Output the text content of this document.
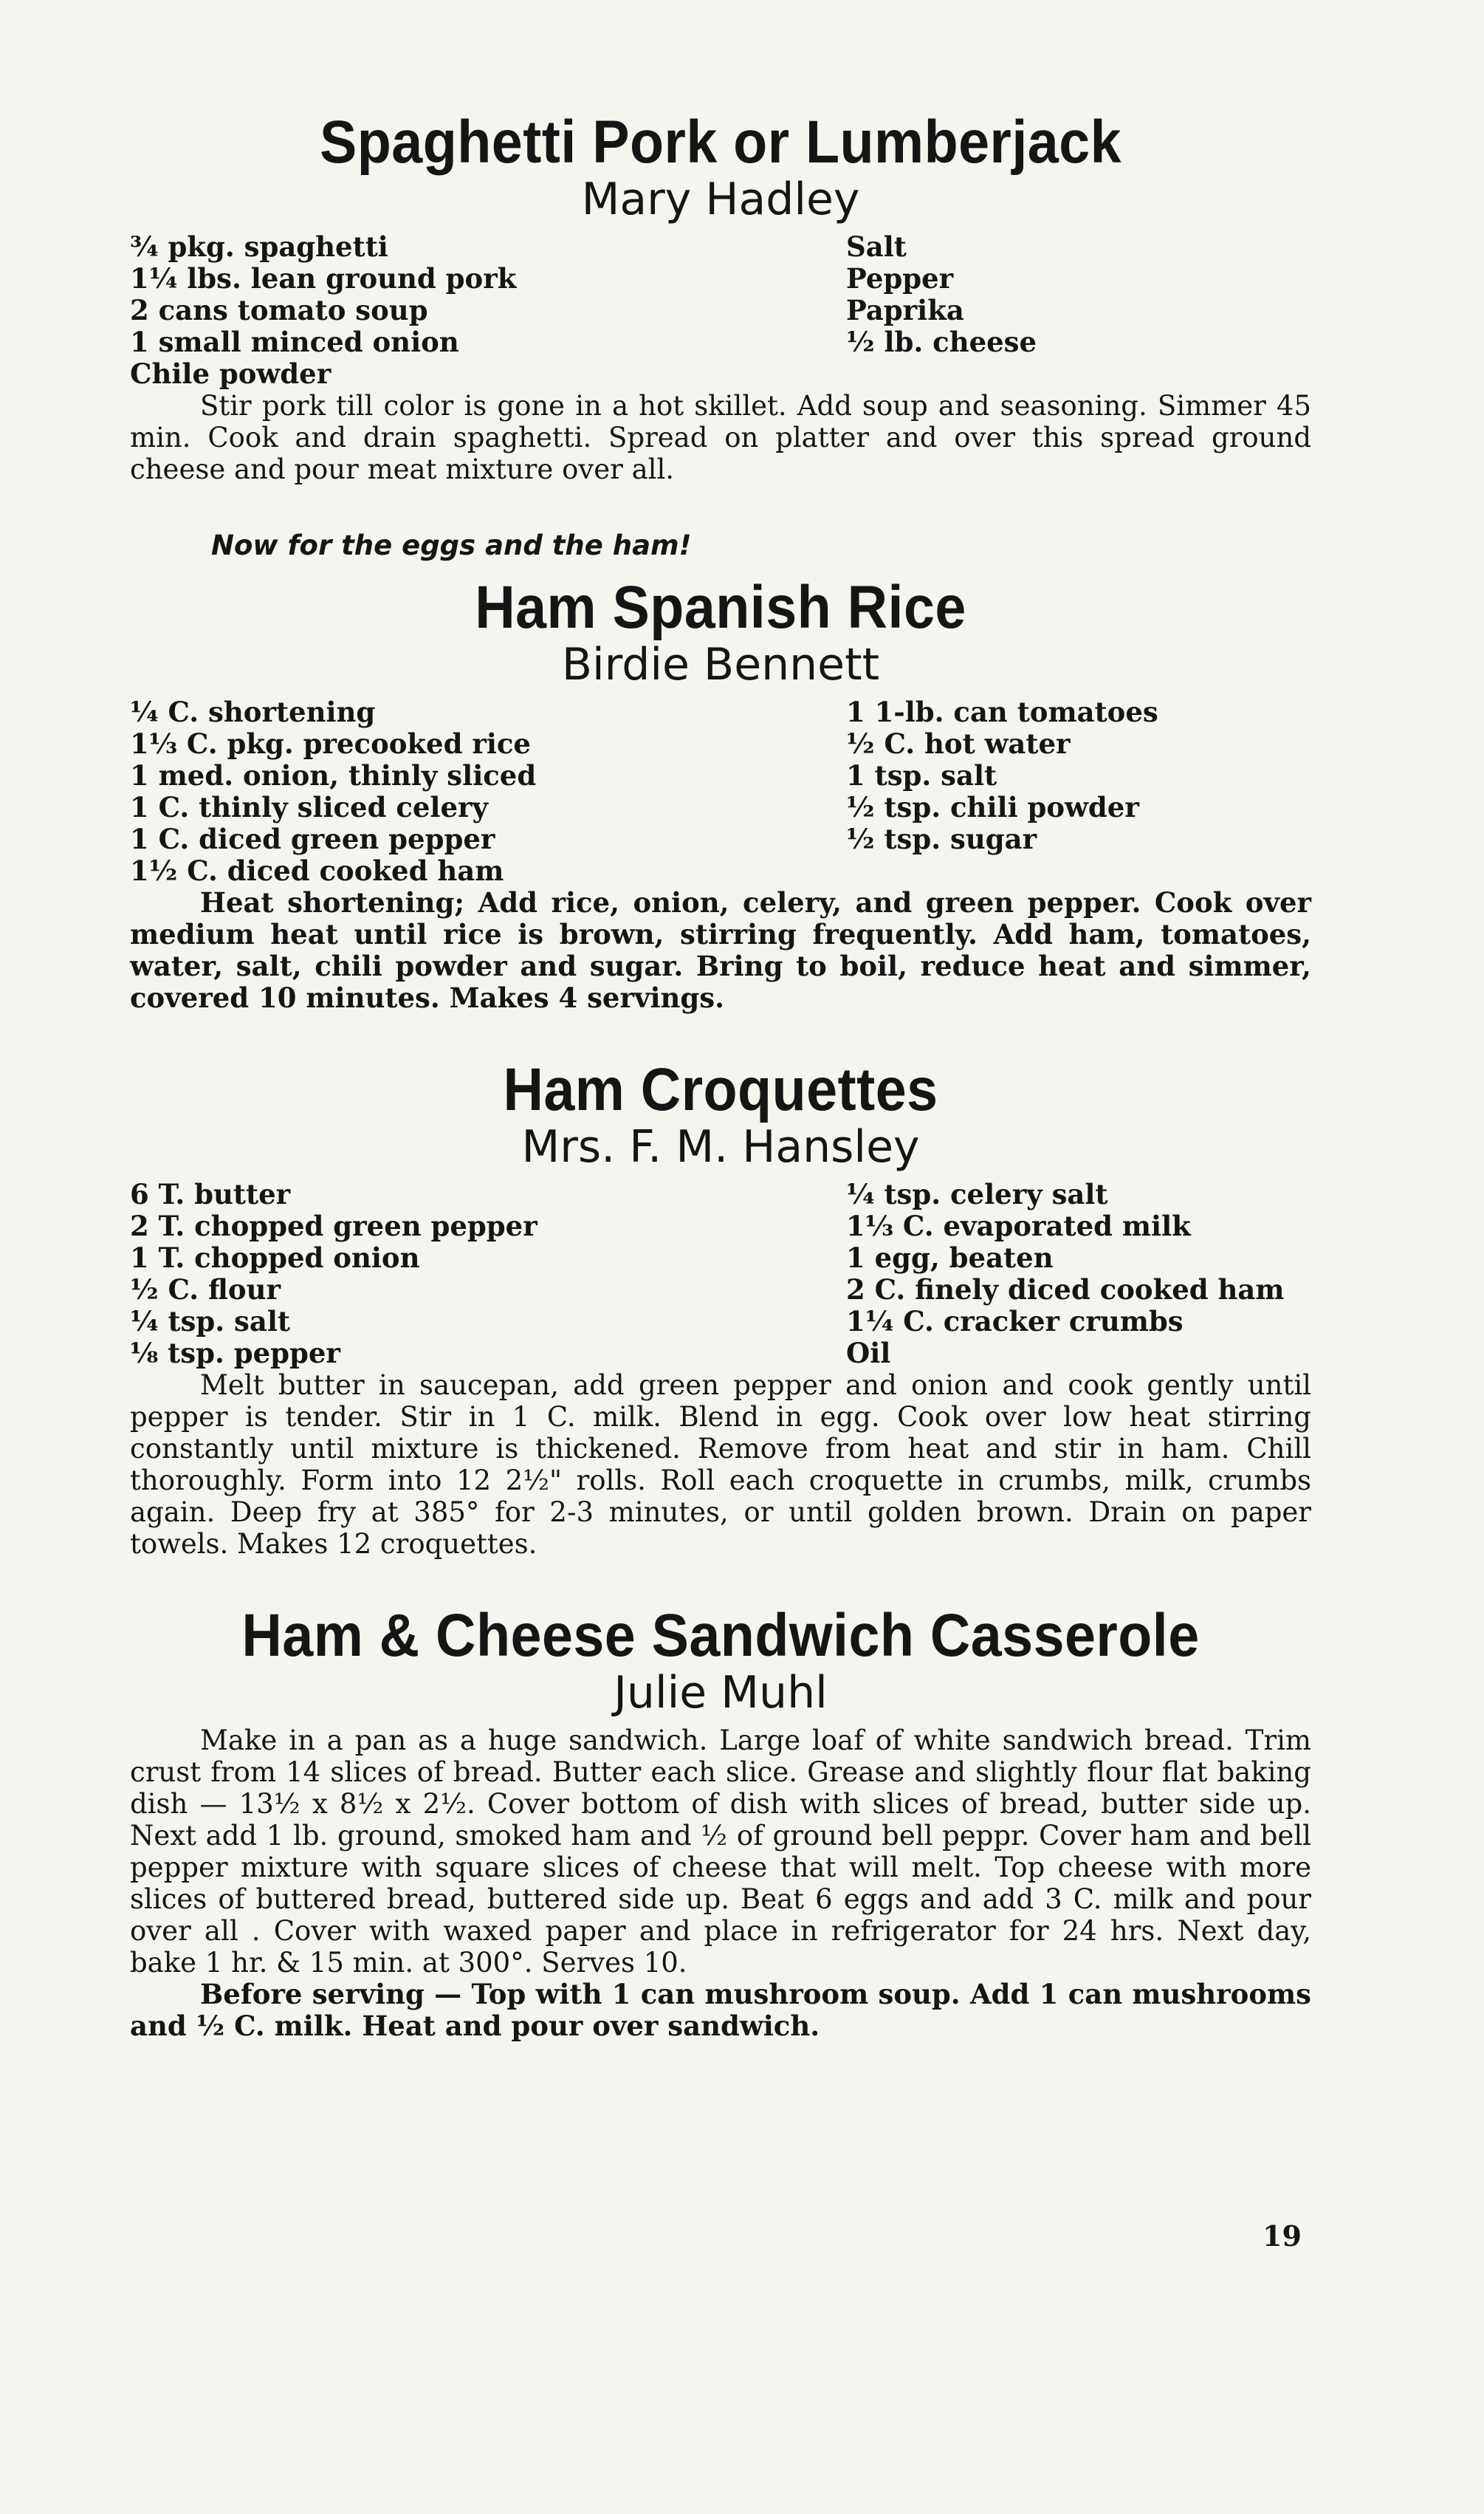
Spaghetti Pork or Lumberjack
Mary Hadley
¾ pkg. spaghetti
1¼ lbs. lean ground pork
2 cans tomato soup
1 small minced onion
Chile powder
Salt
Pepper
Paprika
½ lb. cheese

Stir pork till color is gone in a hot skillet. Add soup and seasoning. Simmer 45 min. Cook and drain spaghetti. Spread on platter and over this spread ground cheese and pour meat mixture over all.

Now for the eggs and the ham!
Ham Spanish Rice
Birdie Bennett
¼ C. shortening
1⅓ C. pkg. precooked rice
1 med. onion, thinly sliced
1 C. thinly sliced celery
1 C. diced green pepper
1½ C. diced cooked ham
1 1-lb. can tomatoes
½ C. hot water
1 tsp. salt
½ tsp. chili powder
½ tsp. sugar

Heat shortening; Add rice, onion, celery, and green pepper. Cook over medium heat until rice is brown, stirring frequently. Add ham, tomatoes, water, salt, chili powder and sugar. Bring to boil, reduce heat and simmer, covered 10 minutes. Makes 4 servings.

Ham Croquettes
Mrs. F. M. Hansley
6 T. butter
2 T. chopped green pepper
1 T. chopped onion
½ C. flour
¼ tsp. salt
⅛ tsp. pepper
¼ tsp. celery salt
1⅓ C. evaporated milk
1 egg, beaten
2 C. finely diced cooked ham
1¼ C. cracker crumbs
Oil

Melt butter in saucepan, add green pepper and onion and cook gently until pepper is tender. Stir in 1 C. milk. Blend in egg. Cook over low heat stirring constantly until mixture is thickened. Remove from heat and stir in ham. Chill thoroughly. Form into 12 2½" rolls. Roll each croquette in crumbs, milk, crumbs again. Deep fry at 385° for 2-3 minutes, or until golden brown. Drain on paper towels. Makes 12 croquettes.

Ham & Cheese Sandwich Casserole
Julie Muhl

Make in a pan as a huge sandwich. Large loaf of white sandwich bread. Trim crust from 14 slices of bread. Butter each slice. Grease and slightly flour flat baking dish — 13½ x 8½ x 2½. Cover bottom of dish with slices of bread, butter side up. Next add 1 lb. ground, smoked ham and ½ of ground bell peppr. Cover ham and bell pepper mixture with square slices of cheese that will melt. Top cheese with more slices of buttered bread, buttered side up. Beat 6 eggs and add 3 C. milk and pour over all . Cover with waxed paper and place in refrigerator for 24 hrs. Next day, bake 1 hr. & 15 min. at 300°. Serves 10.

Before serving — Top with 1 can mushroom soup. Add 1 can mushrooms and ½ C. milk. Heat and pour over sandwich.

19
